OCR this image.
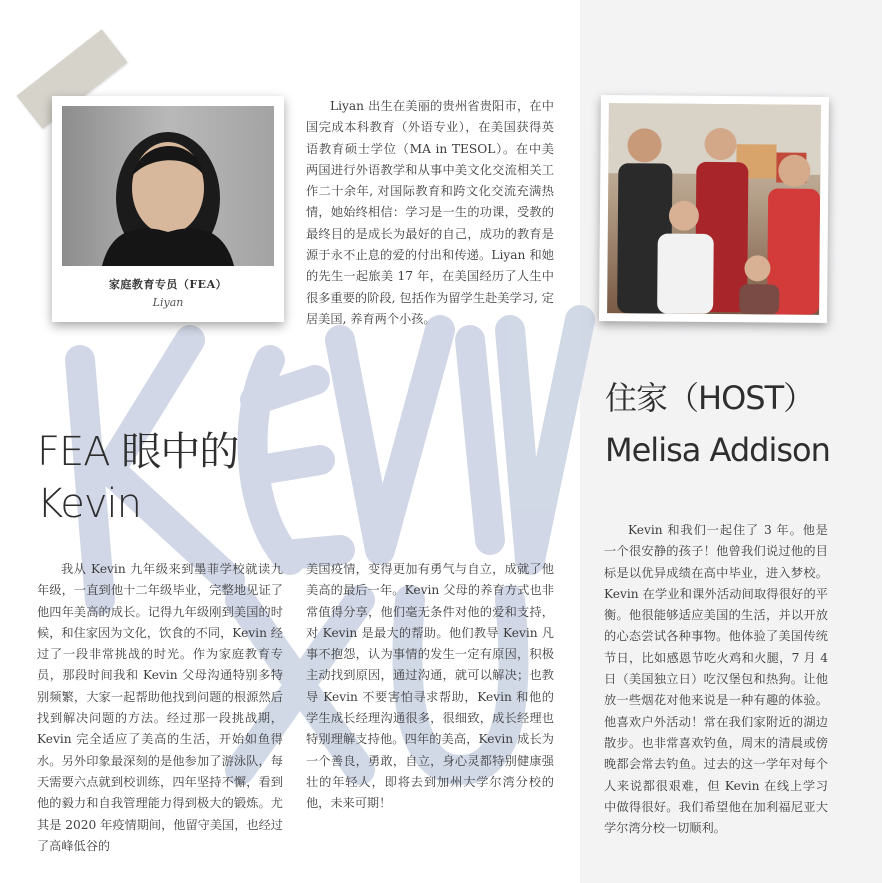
家庭教育专员（FEA）
Liyan
Liyan 出生在美丽的贵州省贵阳市，在中国完成本科教育（外语专业），在美国获得英语教育硕士学位（MA in TESOL）。在中美两国进行外语教学和从事中美文化交流相关工作二十余年, 对国际教育和跨文化交流充满热情，她始终相信：学习是一生的功课，受教的最终目的是成长为最好的自己，成功的教育是源于永不止息的爱的付出和传递。Liyan 和她的先生一起旅美 17 年，在美国经历了人生中很多重要的阶段, 包括作为留学生赴美学习, 定居美国, 养育两个小孩。
FEA 眼中的
Kevin
住家（HOST）
Melisa Addison
我从 Kevin 九年级来到墨菲学校就读九年级，一直到他十二年级毕业，完整地见证了他四年美高的成长。记得九年级刚到美国的时候，和住家因为文化，饮食的不同，Kevin 经过了一段非常挑战的时光。作为家庭教育专员，那段时间我和 Kevin 父母沟通特别多特别频繁，大家一起帮助他找到问题的根源然后找到解决问题的方法。经过那一段挑战期，Kevin 完全适应了美高的生活，开始如鱼得水。另外印象最深刻的是他参加了游泳队，每天需要六点就到校训练，四年坚持不懈，看到他的毅力和自我管理能力得到极大的锻炼。尤其是 2020 年疫情期间，他留守美国，也经过了高峰低谷的
美国疫情，变得更加有勇气与自立，成就了他美高的最后一年。Kevin 父母的养育方式也非常值得分享，他们毫无条件对他的爱和支持，对 Kevin 是最大的帮助。他们教导 Kevin 凡事不抱怨，认为事情的发生一定有原因，积极主动找到原因，通过沟通，就可以解决；也教导 Kevin 不要害怕寻求帮助，Kevin 和他的学生成长经理沟通很多，很细致，成长经理也特别理解支持他。四年的美高，Kevin 成长为一个善良，勇敢，自立，身心灵都特别健康强壮的年轻人，即将去到加州大学尔湾分校的他，未来可期！
Kevin 和我们一起住了 3 年。他是一个很安静的孩子！他曾我们说过他的目标是以优异成绩在高中毕业，进入梦校。Kevin 在学业和课外活动间取得很好的平衡。他很能够适应美国的生活，并以开放的心态尝试各种事物。他体验了美国传统节日，比如感恩节吃火鸡和火腿，7 月 4 日（美国独立日）吃汉堡包和热狗。让他放一些烟花对他来说是一种有趣的体验。他喜欢户外活动！常在我们家附近的湖边散步。也非常喜欢钓鱼，周末的清晨或傍晚都会常去钓鱼。过去的这一学年对每个人来说都很艰难，但 Kevin 在线上学习中做得很好。我们希望他在加利福尼亚大学尔湾分校一切顺利。
